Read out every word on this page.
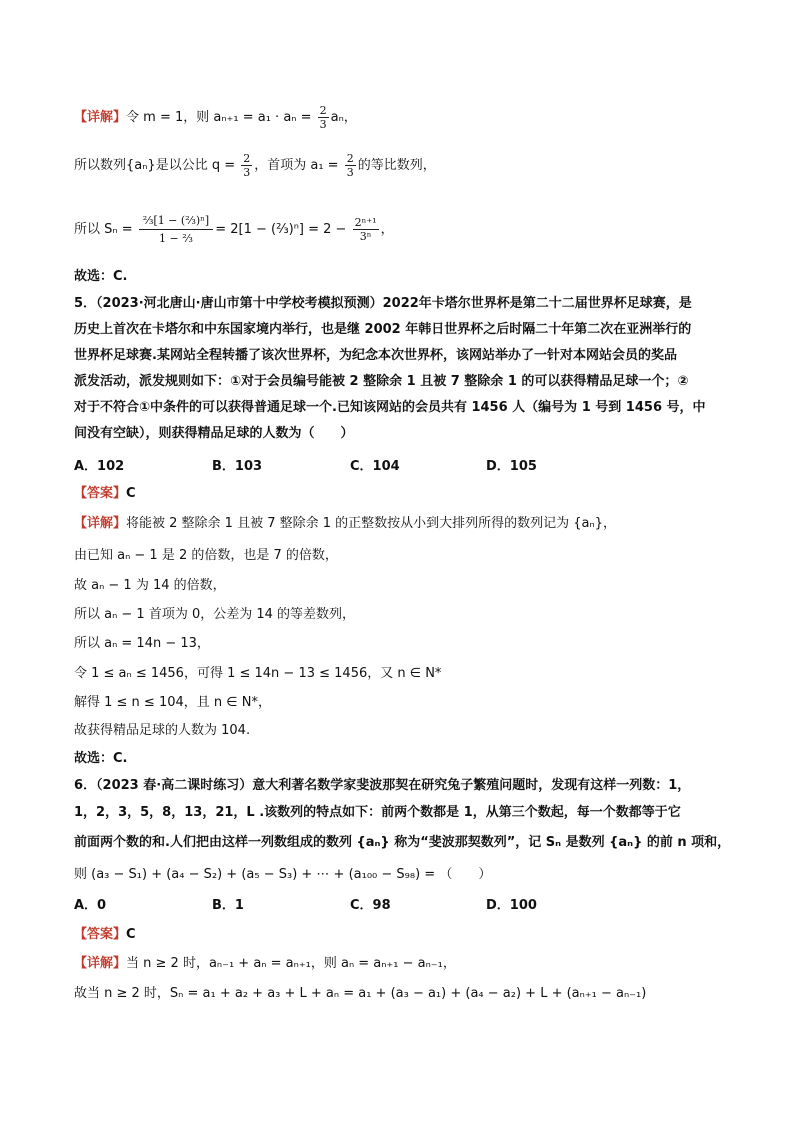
【详解】令 m = 1，则 $a_{n+1} = a_1 \cdot a_n = \frac{2}{3}$ aₙ，
所以数列{aₙ}是以公比 $q = \frac{2}{3}$ ，首项为 $a_1 = \frac{2}{3}$ 的等比数列，
所以 $S_n = \frac{\text{⅔[1 − (⅔)ⁿ]}}{\text{1 − ⅔}} = 2[1$ − (⅔)ⁿ] = $2 - \frac{\text{2ⁿ⁺¹}}{\text{3ⁿ}}$ ，
故选：C.
5．（2023·河北唐山·唐山市第十中学校考模拟预测）2022年卡塔尔世界杯是第二十二届世界杯足球赛，是
历史上首次在卡塔尔和中东国家境内举行，也是继 2002 年韩日世界杯之后时隔二十年第二次在亚洲举行的
世界杯足球赛.某网站全程转播了该次世界杯，为纪念本次世界杯，该网站举办了一针对本网站会员的奖品
派发活动，派发规则如下：①对于会员编号能被 2 整除余 1 且被 7 整除余 1 的可以获得精品足球一个；②
对于不符合①中条件的可以获得普通足球一个.已知该网站的会员共有 1456 人（编号为 1 号到 1456 号，中
间没有空缺），则获得精品足球的人数为（　　）
A．102	B．103	C．104	D．105
【答案】C
【详解】将能被 2 整除余 1 且被 7 整除余 1 的正整数按从小到大排列所得的数列记为 {aₙ}，
由已知 aₙ − 1 是 2 的倍数，也是 7 的倍数，
故 aₙ − 1 为 14 的倍数，
所以 aₙ − 1 首项为 0，公差为 14 的等差数列，
所以 aₙ = 14n − 13，
令 1 ≤ aₙ ≤ 1456，可得 1 ≤ 14n − 13 ≤ 1456，又 n ∈ N*
解得 1 ≤ n ≤ 104，且 n ∈ N*，
故获得精品足球的人数为 104.
故选：C.
6．（2023 春·高二课时练习）意大利著名数学家斐波那契在研究兔子繁殖问题时，发现有这样一列数：1，
1，2，3，5，8，13，21，L .该数列的特点如下：前两个数都是 1，从第三个数起，每一个数都等于它
前面两个数的和.人们把由这样一列数组成的数列 {aₙ} 称为“斐波那契数列”，记 Sₙ 是数列 {aₙ} 的前 n 项和，
则 (a₃ − S₁) + (a₄ − S₂) + (a₅ − S₃) + ⋯ + (a₁₀₀ − S₉₈) = （　　）
A．0	B．1	C．98	D．100
【答案】C
【详解】当 n ≥ 2 时，aₙ₋₁ + aₙ = aₙ₊₁，则 aₙ = aₙ₊₁ − aₙ₋₁，
故当 n ≥ 2 时，Sₙ = a₁ + a₂ + a₃ + L + aₙ = a₁ + (a₃ − a₁) + (a₄ − a₂) + L + (aₙ₊₁ − aₙ₋₁)
